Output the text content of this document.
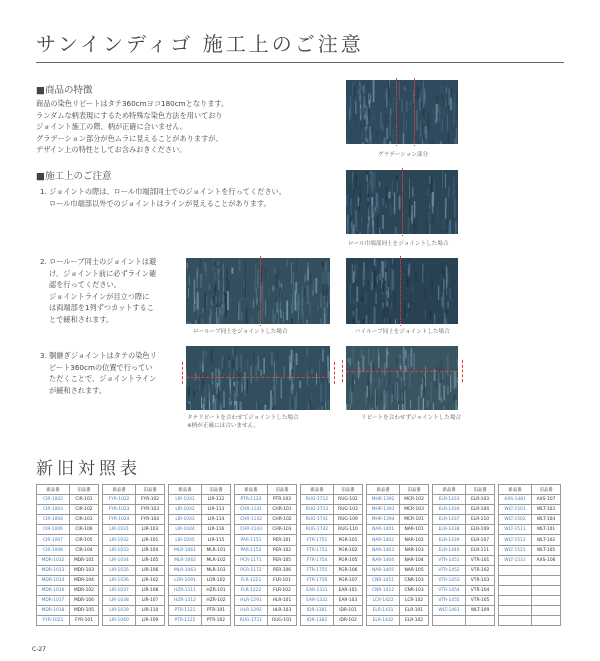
サンインディゴ 施工上のご注意
■商品の特徴
商品の染色リピートはタテ360cmヨコ180cmとなります。
ランダムな柄表現にするため特殊な染色方法を用いており
ジョイント施工の際、柄が正確に合いません。
グラデーション部分が色ムラに見えることがありますが、
デザイン上の特性としてお含みおきください。
グラデーション部分
■施工上のご注意
1. ジョイントの際は、ロール巾端部同士でのジョイントを行ってください。
ロール巾端部以外でのジョイントはラインが見えることがあります。
ロール巾端部同士をジョイントした場合
2. ロールーブ同士のジョイントは避
け、ジョイント前に必ずライン確
認を行ってください。
ジョイントラインが目立つ際に
は両端部を1列ずつカットするこ
とで緩和されます。
ロールーブ同士をジョイントした場合	ハイルーブ同士をジョイントした場合
3. 胴継ぎジョイントはタテの染色リ
ピート360cmの位置で行ってい
ただくことで、ジョイントライン
が緩和されます。
タテリピートを合わせてジョイントした場合
※柄が正確には合いません。
リピートを合わせずジョイントした場合
新旧対照表
新品番	旧品番
CIR-1002	CIR-101
CIR-1003	CIR-102
CIR-1004	CIR-103
CIR-1006	CIR-106
CIR-1007	CIR-105
CIR-1008	CIR-104
MDR-1012	MDR-101
MDR-1013	MDR-103
MDR-1014	MDR-104
MDR-1016	MDR-102
MDR-1017	MDR-106
MDR-1018	MDR-105
FYR-1021	FYR-101
新品番	旧品番
FYR-1022	FYR-102
FYR-1023	FYR-103
FYR-1024	FYR-104
LIR-1031	LIR-103
LIR-1032	LIR-101
LIR-1033	LIR-104
LIR-1034	LIR-105
LIR-1035	LIR-106
LIR-1036	LIR-102
LIR-1037	LIR-108
LIR-1038	LIR-107
LIR-1039	LIR-110
LIR-1040	LIR-109
新品番	旧品番
LIR-1041	LIR-112
LIR-1042	LIR-113
LIR-1043	LIR-114
LIR-1044	LIR-116
LIR-1045	LIR-115
MLR-1061	MLR-101
MLR-1062	MLR-102
MLR-1063	MLR-103
LOR-1091	LOR-102
HZR-1111	HZR-101
HZR-1112	HZR-102
PTR-1121	PTR-101
PTR-1122	PTR-102
新品番	旧品番
PTR-1123	PTR-103
CHR-1141	CHR-101
CHR-1142	CHR-102
CHR-1143	CHR-103
PAR-1151	PER-101
PAR-1152	PER-102
PCR-1171	PER-105
PCR-1172	PER-106
FLR-1221	FLR-101
FLR-1222	FLR-102
HLR-1291	HLR-101
HLR-1292	HLR-103
RUG-1711	RUG-101
新品番	旧品番
RUG-1712	RUG-102
RUG-1713	RUG-103
RUG-1741	RUG-109
RUG-1742	RUG-110
FTR-1751	PGR-101
FTR-1752	PGR-102
FTR-1754	PGR-105
FTR-1755	PGR-106
FTR-1756	PGR-107
EAR-1321	EAR-101
EAR-1322	EAR-103
IDR-1381	IDR-101
IDR-1382	IDR-102
新品番	旧品番
MHR-1392	MCR-102
MHR-1393	MCR-103
MHR-1394	MCR-101
NAR-1401	NAR-101
NAR-1402	NAR-102
NAR-1403	NAR-103
NAR-1404	NAR-104
NAR-1405	NAR-105
CNR-1411	CNR-103
CNR-1412	CNR-103
LCR-1422	LCR-102
ELR-1431	ELR-101
ELR-1432	ELR-102
新品番	旧品番
ELR-1433	ELR-103
ELR-1434	ELR-104
ELR-1437	ELR-110
ELR-1438	ELR-109
ELR-1439	ELR-107
ELR-1440	ELR-111
VTR-1451	VTR-101
VTR-1452	VTR-102
VTR-1453	VTR-103
VTR-1454	VTR-104
VTR-1455	VTR-105
WLT-1461	WLT-109

新品番	旧品番
AXS-1481	AXS-107
WLT-1501	WLT-103
WLT-1502	WLT-104
WLT-1511	WLT-101
WLT-1512	WLT-102
WLT-1521	WLT-105
WLT-1531	AXS-106

C-27
